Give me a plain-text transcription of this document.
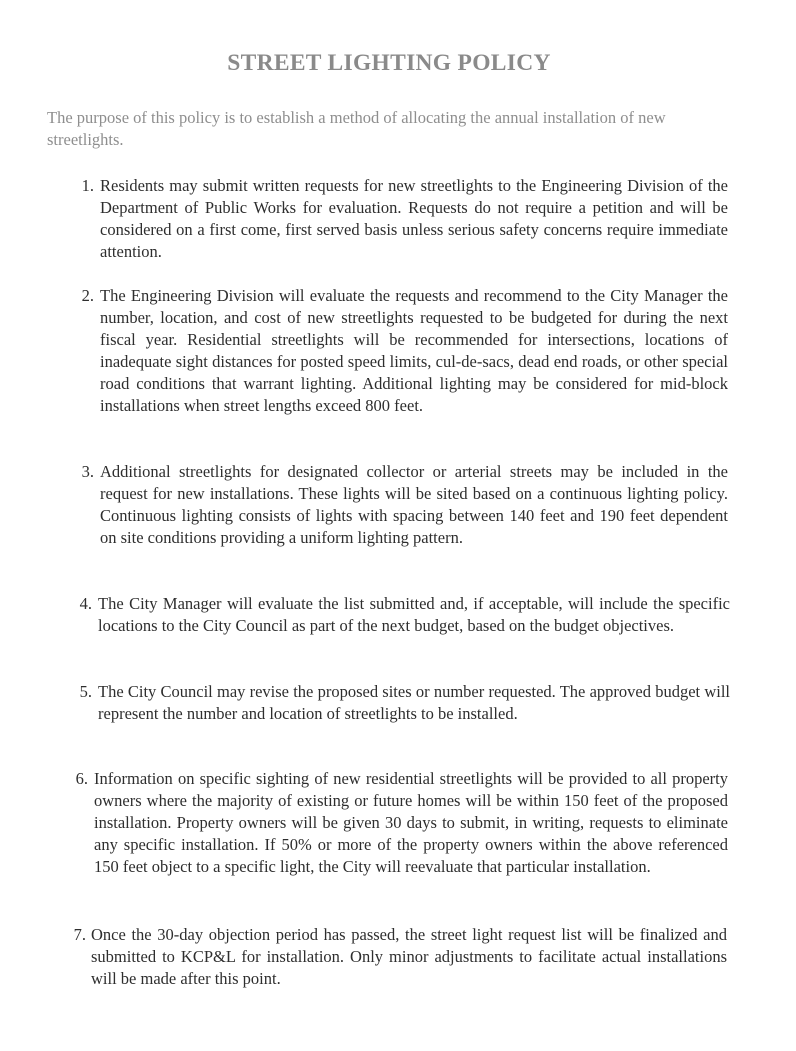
STREET LIGHTING POLICY
The purpose of this policy is to establish a method of allocating the annual installation of new streetlights.
1. Residents may submit written requests for new streetlights to the Engineering Division of the Department of Public Works for evaluation. Requests do not require a petition and will be considered on a first come, first served basis unless serious safety concerns require immediate attention.
2. The Engineering Division will evaluate the requests and recommend to the City Manager the number, location, and cost of new streetlights requested to be budgeted for during the next fiscal year. Residential streetlights will be recommended for intersections, locations of inadequate sight distances for posted speed limits, cul-de-sacs, dead end roads, or other special road conditions that warrant lighting. Additional lighting may be considered for mid-block installations when street lengths exceed 800 feet.
3. Additional streetlights for designated collector or arterial streets may be included in the request for new installations. These lights will be sited based on a continuous lighting policy. Continuous lighting consists of lights with spacing between 140 feet and 190 feet dependent on site conditions providing a uniform lighting pattern.
4. The City Manager will evaluate the list submitted and, if acceptable, will include the specific locations to the City Council as part of the next budget, based on the budget objectives.
5. The City Council may revise the proposed sites or number requested. The approved budget will represent the number and location of streetlights to be installed.
6. Information on specific sighting of new residential streetlights will be provided to all property owners where the majority of existing or future homes will be within 150 feet of the proposed installation. Property owners will be given 30 days to submit, in writing, requests to eliminate any specific installation. If 50% or more of the property owners within the above referenced 150 feet object to a specific light, the City will reevaluate that particular installation.
7. Once the 30-day objection period has passed, the street light request list will be finalized and submitted to KCP&L for installation. Only minor adjustments to facilitate actual installations will be made after this point.
